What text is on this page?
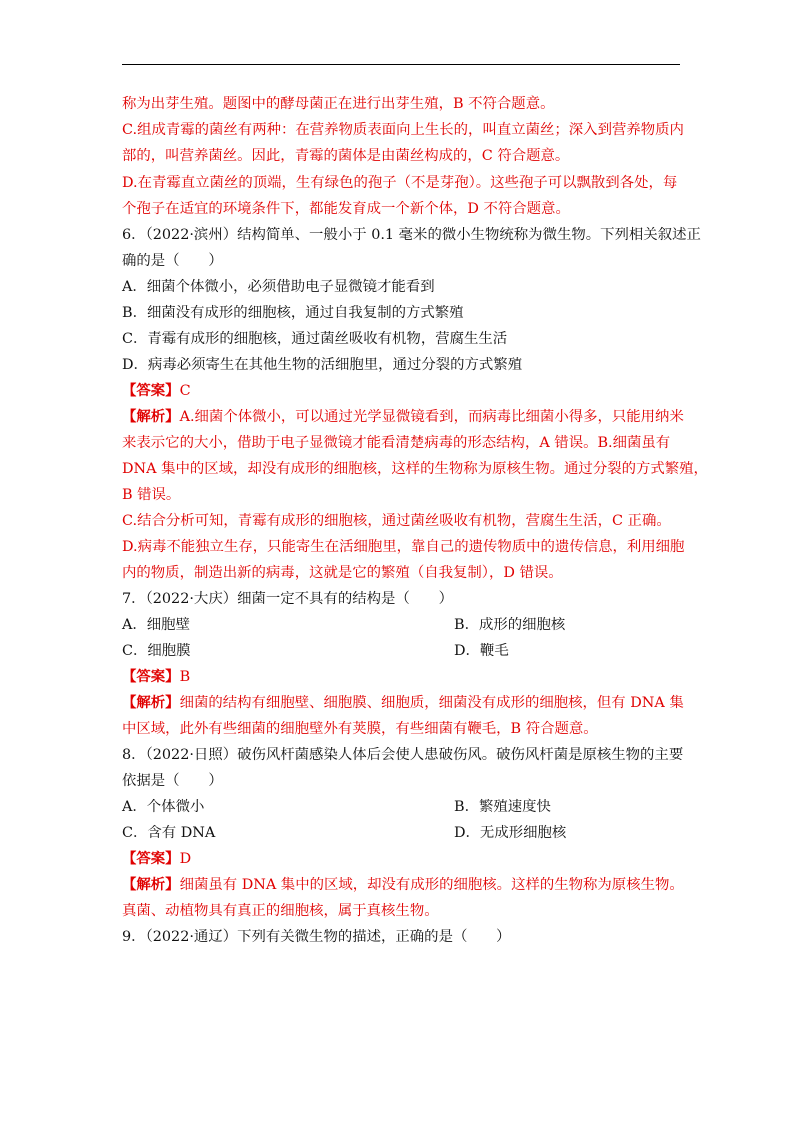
称为出芽生殖。题图中的酵母菌正在进行出芽生殖，B 不符合题意。
C.组成青霉的菌丝有两种：在营养物质表面向上生长的，叫直立菌丝；深入到营养物质内
部的，叫营养菌丝。因此，青霉的菌体是由菌丝构成的，C 符合题意。
D.在青霉直立菌丝的顶端，生有绿色的孢子（不是芽孢）。这些孢子可以飘散到各处，每
个孢子在适宜的环境条件下，都能发育成一个新个体，D 不符合题意。
6．（2022·滨州）结构简单、一般小于 0.1 毫米的微小生物统称为微生物。下列相关叙述正
确的是（　　）
A．细菌个体微小，必须借助电子显微镜才能看到
B．细菌没有成形的细胞核，通过自我复制的方式繁殖
C．青霉有成形的细胞核，通过菌丝吸收有机物，营腐生生活
D．病毒必须寄生在其他生物的活细胞里，通过分裂的方式繁殖
【答案】C
【解析】A.细菌个体微小，可以通过光学显微镜看到，而病毒比细菌小得多，只能用纳米
来表示它的大小，借助于电子显微镜才能看清楚病毒的形态结构，A 错误。B.细菌虽有
DNA 集中的区域，却没有成形的细胞核，这样的生物称为原核生物。通过分裂的方式繁殖，
B 错误。
C.结合分析可知，青霉有成形的细胞核，通过菌丝吸收有机物，营腐生生活，C 正确。
D.病毒不能独立生存，只能寄生在活细胞里，靠自己的遗传物质中的遗传信息，利用细胞
内的物质，制造出新的病毒，这就是它的繁殖（自我复制），D 错误。
7．（2022·大庆）细菌一定不具有的结构是（　　）
A．细胞壁	B．成形的细胞核
C．细胞膜	D．鞭毛
【答案】B
【解析】细菌的结构有细胞壁、细胞膜、细胞质，细菌没有成形的细胞核，但有 DNA 集
中区域，此外有些细菌的细胞壁外有荚膜，有些细菌有鞭毛，B 符合题意。
8．（2022·日照）破伤风杆菌感染人体后会使人患破伤风。破伤风杆菌是原核生物的主要
依据是（　　）
A．个体微小	B．繁殖速度快
C．含有 DNA	D．无成形细胞核
【答案】D
【解析】细菌虽有 DNA 集中的区域，却没有成形的细胞核。这样的生物称为原核生物。
真菌、动植物具有真正的细胞核，属于真核生物。
9．（2022·通辽）下列有关微生物的描述，正确的是（　　）
